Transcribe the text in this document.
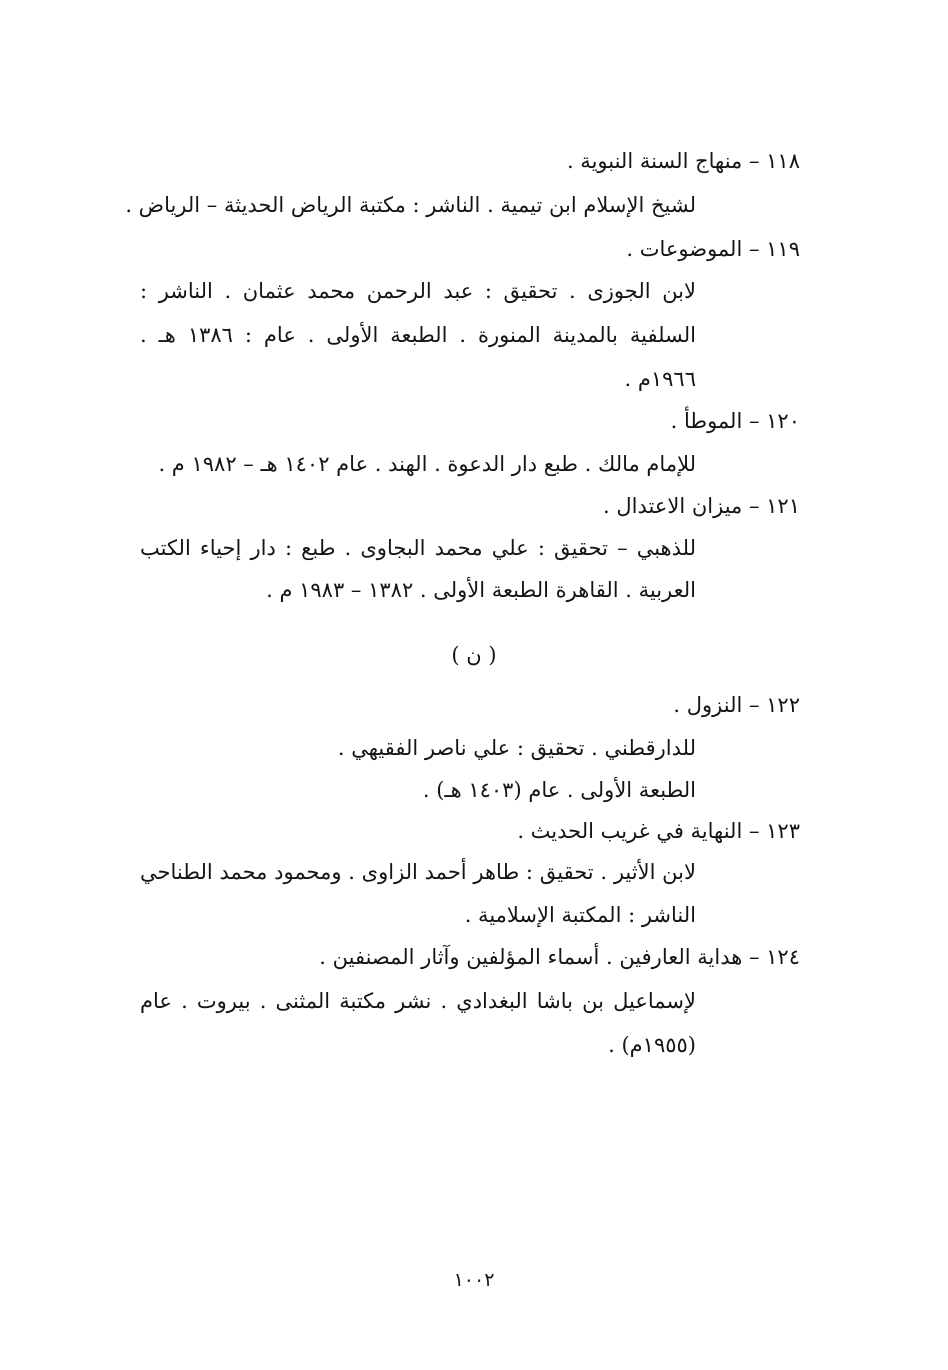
١١٨ – منهاج السنة النبوية .
لشيخ الإسلام ابن تيمية . الناشر : مكتبة الرياض الحديثة – الرياض .
١١٩ – الموضوعات .
لابن الجوزى . تحقيق : عبد الرحمن محمد عثمان . الناشر :
السلفية بالمدينة المنورة . الطبعة الأولى . عام : ١٣٨٦ هـ .
١٩٦٦م .
١٢٠ – الموطأ .
للإمام مالك . طبع دار الدعوة . الهند . عام ١٤٠٢ هـ – ١٩٨٢ م .
١٢١ – ميزان الاعتدال .
للذهبي – تحقيق : علي محمد البجاوى . طبع : دار إحياء الكتب
العربية . القاهرة الطبعة الأولى . ١٣٨٢ – ١٩٨٣ م .
( ن )
١٢٢ – النزول .
للدارقطني . تحقيق : علي ناصر الفقيهي .
الطبعة الأولى . عام (١٤٠٣ هـ) .
١٢٣ – النهاية في غريب الحديث .
لابن الأثير . تحقيق : طاهر أحمد الزاوى . ومحمود محمد الطناحي
الناشر : المكتبة الإسلامية .
١٢٤ – هداية العارفين . أسماء المؤلفين وآثار المصنفين .
لإسماعيل بن باشا البغدادي . نشر مكتبة المثنى . بيروت . عام
(١٩٥٥م) .
١٠٠٢
